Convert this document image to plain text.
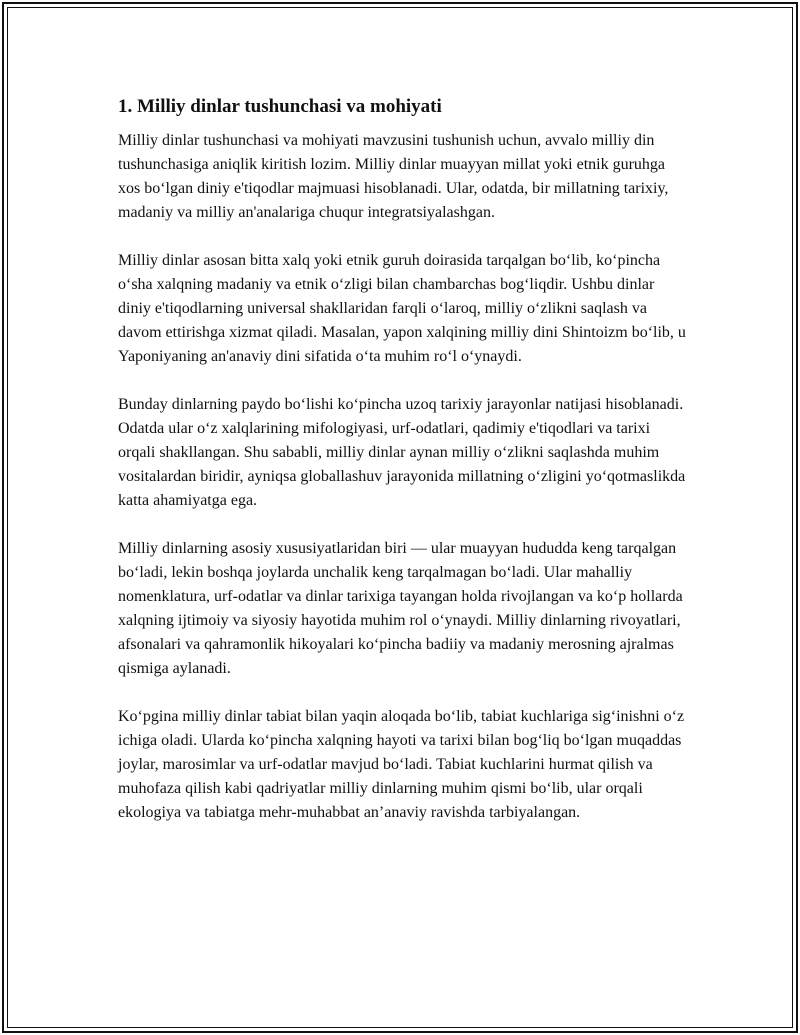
1. Milliy dinlar tushunchasi va mohiyati

Milliy dinlar tushunchasi va mohiyati mavzusini tushunish uchun, avvalo milliy din tushunchasiga aniqlik kiritish lozim. Milliy dinlar muayyan millat yoki etnik guruhga xos bo‘lgan diniy e'tiqodlar majmuasi hisoblanadi. Ular, odatda, bir millatning tarixiy, madaniy va milliy an'analariga chuqur integratsiyalashgan.

Milliy dinlar asosan bitta xalq yoki etnik guruh doirasida tarqalgan bo‘lib, ko‘pincha o‘sha xalqning madaniy va etnik o‘zligi bilan chambarchas bog‘liqdir. Ushbu dinlar diniy e'tiqodlarning universal shakllaridan farqli o‘laroq, milliy o‘zlikni saqlash va davom ettirishga xizmat qiladi. Masalan, yapon xalqining milliy dini Shintoizm bo‘lib, u Yaponiyaning an'anaviy dini sifatida o‘ta muhim ro‘l o‘ynaydi.

Bunday dinlarning paydo bo‘lishi ko‘pincha uzoq tarixiy jarayonlar natijasi hisoblanadi. Odatda ular o‘z xalqlarining mifologiyasi, urf-odatlari, qadimiy e'tiqodlari va tarixi orqali shakllangan. Shu sababli, milliy dinlar aynan milliy o‘zlikni saqlashda muhim vositalardan biridir, ayniqsa globallashuv jarayonida millatning o‘zligini yo‘qotmaslikda katta ahamiyatga ega.

Milliy dinlarning asosiy xususiyatlaridan biri — ular muayyan hududda keng tarqalgan bo‘ladi, lekin boshqa joylarda unchalik keng tarqalmagan bo‘ladi. Ular mahalliy nomenklatura, urf-odatlar va dinlar tarixiga tayangan holda rivojlangan va ko‘p hollarda xalqning ijtimoiy va siyosiy hayotida muhim rol o‘ynaydi. Milliy dinlarning rivoyatlari, afsonalari va qahramonlik hikoyalari ko‘pincha badiiy va madaniy merosning ajralmas qismiga aylanadi.

Ko‘pgina milliy dinlar tabiat bilan yaqin aloqada bo‘lib, tabiat kuchlariga sig‘inishni o‘z ichiga oladi. Ularda ko‘pincha xalqning hayoti va tarixi bilan bog‘liq bo‘lgan muqaddas joylar, marosimlar va urf-odatlar mavjud bo‘ladi. Tabiat kuchlarini hurmat qilish va muhofaza qilish kabi qadriyatlar milliy dinlarning muhim qismi bo‘lib, ular orqali ekologiya va tabiatga mehr-muhabbat an’anaviy ravishda tarbiyalangan.
